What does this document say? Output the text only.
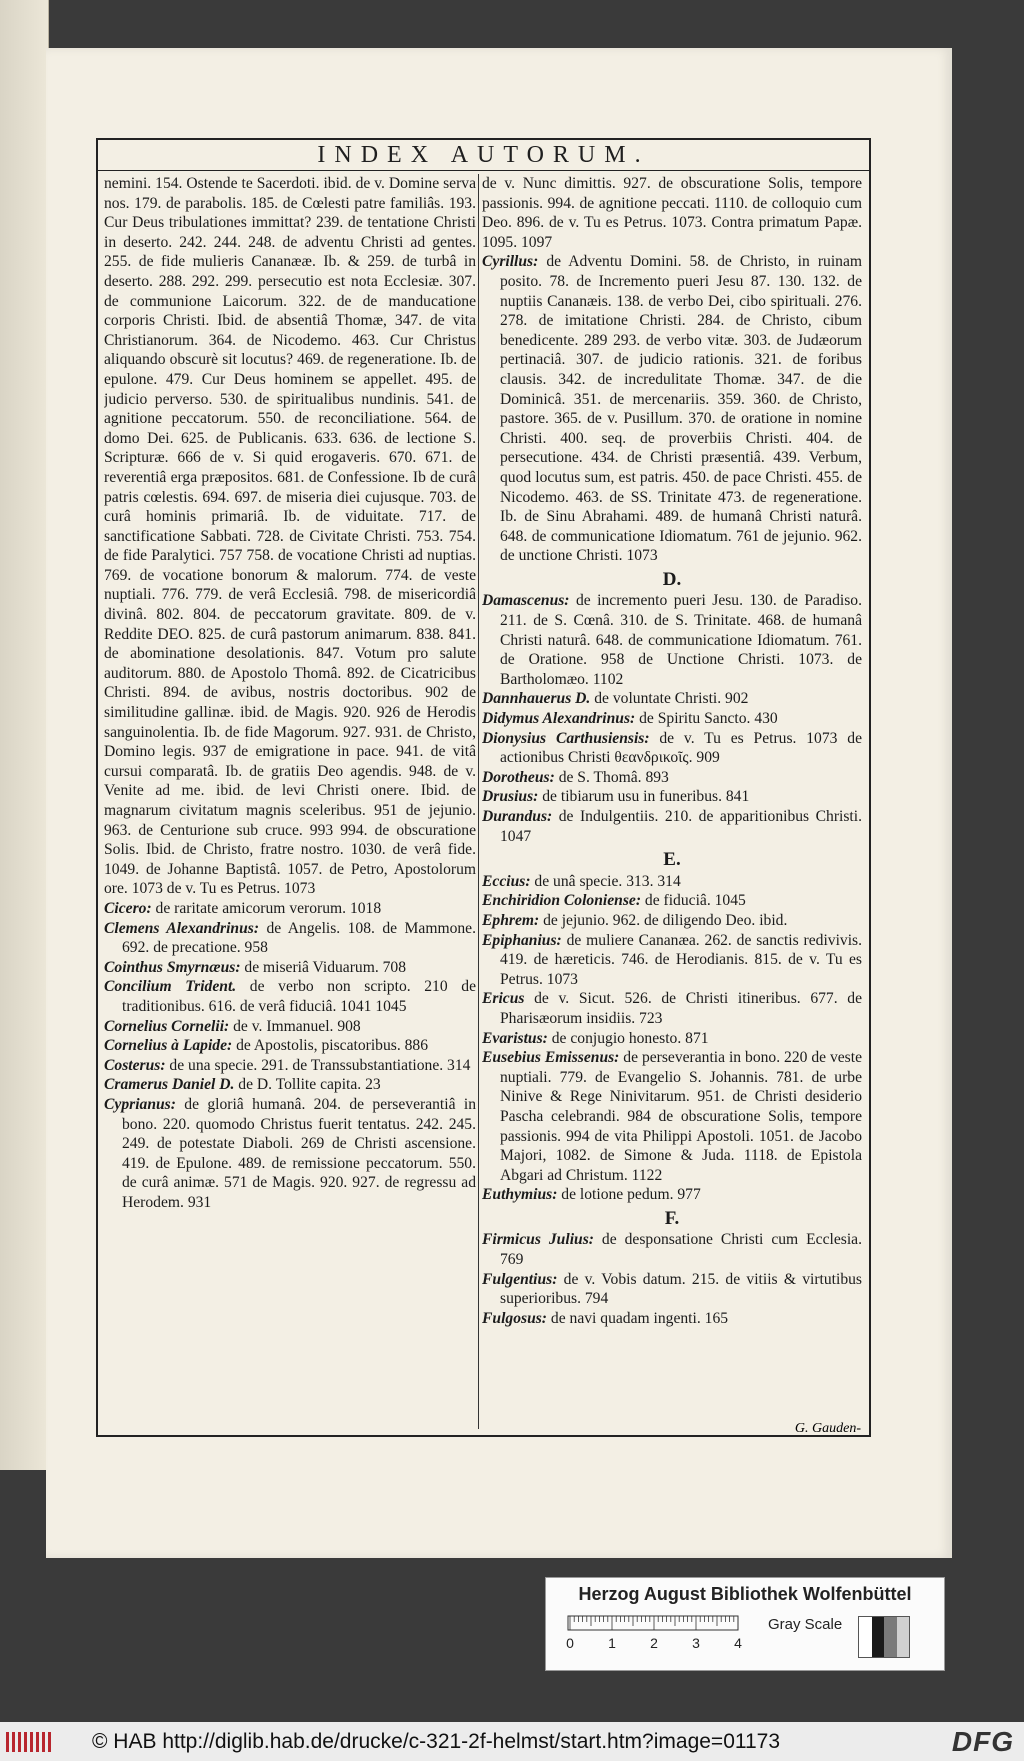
INDEX AUTORUM.

nemini. 154. Ostende te Sacerdoti. ibid. de v. Domine serva nos. 179. de parabolis. 185. de Cœlesti patre familiâs. 193. Cur Deus tribulationes immittat? 239. de tentatione Christi in deserto. 242. 244. 248. de adventu Christi ad gentes. 255. de fide mulieris Cananææ. Ib. & 259. de turbâ in deserto. 288. 292. 299. persecutio est nota Ecclesiæ. 307. de communione Laicorum. 322. de de manducatione corporis Christi. Ibid. de absentiâ Thomæ, 347. de vita Christianorum. 364. de Nicodemo. 463. Cur Christus aliquando obscurè sit locutus? 469. de regeneratione. Ib. de epulone. 479. Cur Deus hominem se appellet. 495. de judicio perverso. 530. de spiritualibus nundinis. 541. de agnitione peccatorum. 550. de reconciliatione. 564. de domo Dei. 625. de Publicanis. 633. 636. de lectione S. Scripturæ. 666 de v. Si quid erogaveris. 670. 671. de reverentiâ erga præpositos. 681. de Confessione. Ib de curâ patris cœlestis. 694. 697. de miseria diei cujusque. 703. de curâ hominis primariâ. Ib. de viduitate. 717. de sanctificatione Sabbati. 728. de Civitate Christi. 753. 754. de fide Paralytici. 757 758. de vocatione Christi ad nuptias. 769. de vocatione bonorum & malorum. 774. de veste nuptiali. 776. 779. de verâ Ecclesiâ. 798. de misericordiâ divinâ. 802. 804. de peccatorum gravitate. 809. de v. Reddite DEO. 825. de curâ pastorum animarum. 838. 841. de abominatione desolationis. 847. Votum pro salute auditorum. 880. de Apostolo Thomâ. 892. de Cicatricibus Christi. 894. de avibus, nostris doctoribus. 902 de similitudine gallinæ. ibid. de Magis. 920. 926 de Herodis sanguinolentia. Ib. de fide Magorum. 927. 931. de Christo, Domino legis. 937 de emigratione in pace. 941. de vitâ cursui comparatâ. Ib. de gratiis Deo agendis. 948. de v. Venite ad me. ibid. de levi Christi onere. Ibid. de magnarum civitatum magnis sceleribus. 951 de jejunio. 963. de Centurione sub cruce. 993 994. de obscuratione Solis. Ibid. de Christo, fratre nostro. 1030. de verâ fide. 1049. de Johanne Baptistâ. 1057. de Petro, Apostolorum ore. 1073 de v. Tu es Petrus. 1073

Cicero: de raritate amicorum verorum. 1018

Clemens Alexandrinus: de Angelis. 108. de Mammone. 692. de precatione. 958

Cointhus Smyrnæus: de miseriâ Viduarum. 708

Concilium Trident. de verbo non scripto. 210 de traditionibus. 616. de verâ fiduciâ. 1041 1045

Cornelius Cornelii: de v. Immanuel. 908

Cornelius à Lapide: de Apostolis, piscatoribus. 886

Costerus: de una specie. 291. de Transsubstantiatione. 314

Cramerus Daniel D. de D. Tollite capita. 23

Cyprianus: de gloriâ humanâ. 204. de perseverantiâ in bono. 220. quomodo Christus fuerit tentatus. 242. 245. 249. de potestate Diaboli. 269 de Christi ascensione. 419. de Epulone. 489. de remissione peccatorum. 550. de curâ animæ. 571 de Magis. 920. 927. de regressu ad Herodem. 931

de v. Nunc dimittis. 927. de obscuratione Solis, tempore passionis. 994. de agnitione peccati. 1110. de colloquio cum Deo. 896. de v. Tu es Petrus. 1073. Contra primatum Papæ. 1095. 1097

Cyrillus: de Adventu Domini. 58. de Christo, in ruinam posito. 78. de Incremento pueri Jesu 87. 130. 132. de nuptiis Cananæis. 138. de verbo Dei, cibo spirituali. 276. 278. de imitatione Christi. 284. de Christo, cibum benedicente. 289 293. de verbo vitæ. 303. de Judæorum pertinaciâ. 307. de judicio rationis. 321. de foribus clausis. 342. de incredulitate Thomæ. 347. de die Dominicâ. 351. de mercenariis. 359. 360. de Christo, pastore. 365. de v. Pusillum. 370. de oratione in nomine Christi. 400. seq. de proverbiis Christi. 404. de persecutione. 434. de Christi præsentiâ. 439. Verbum, quod locutus sum, est patris. 450. de pace Christi. 455. de Nicodemo. 463. de SS. Trinitate 473. de regeneratione. Ib. de Sinu Abrahami. 489. de humanâ Christi naturâ. 648. de communicatione Idiomatum. 761 de jejunio. 962. de unctione Christi. 1073

D.

Damascenus: de incremento pueri Jesu. 130. de Paradiso. 211. de S. Cœnâ. 310. de S. Trinitate. 468. de humanâ Christi naturâ. 648. de communicatione Idiomatum. 761. de Oratione. 958 de Unctione Christi. 1073. de Bartholomæo. 1102

Dannhauerus D. de voluntate Christi. 902

Didymus Alexandrinus: de Spiritu Sancto. 430

Dionysius Carthusiensis: de v. Tu es Petrus. 1073 de actionibus Christi θεανδρικοῖς. 909

Dorotheus: de S. Thomâ. 893

Drusius: de tibiarum usu in funeribus. 841

Durandus: de Indulgentiis. 210. de apparitionibus Christi. 1047

E.

Eccius: de unâ specie. 313. 314

Enchiridion Coloniense: de fiduciâ. 1045

Ephrem: de jejunio. 962. de diligendo Deo. ibid.

Epiphanius: de muliere Cananæa. 262. de sanctis redivivis. 419. de hæreticis. 746. de Herodianis. 815. de v. Tu es Petrus. 1073

Ericus de v. Sicut. 526. de Christi itineribus. 677. de Pharisæorum insidiis. 723

Evaristus: de conjugio honesto. 871

Eusebius Emissenus: de perseverantia in bono. 220 de veste nuptiali. 779. de Evangelio S. Johannis. 781. de urbe Ninive & Rege Ninivitarum. 951. de Christi desiderio Pascha celebrandi. 984 de obscuratione Solis, tempore passionis. 994 de vita Philippi Apostoli. 1051. de Jacobo Majori, 1082. de Simone & Juda. 1118. de Epistola Abgari ad Christum. 1122

Euthymius: de lotione pedum. 977

F.

Firmicus Julius: de desponsatione Christi cum Ecclesia. 769

Fulgentius: de v. Vobis datum. 215. de vitiis & virtutibus superioribus. 794

Fulgosus: de navi quadam ingenti. 165

G. Gauden-
Herzog August Bibliothek Wolfenbüttel
0 1 2 3 4
Gray Scale
© HAB http://diglib.hab.de/drucke/c-321-2f-helmst/start.htm?image=01173	DFG
